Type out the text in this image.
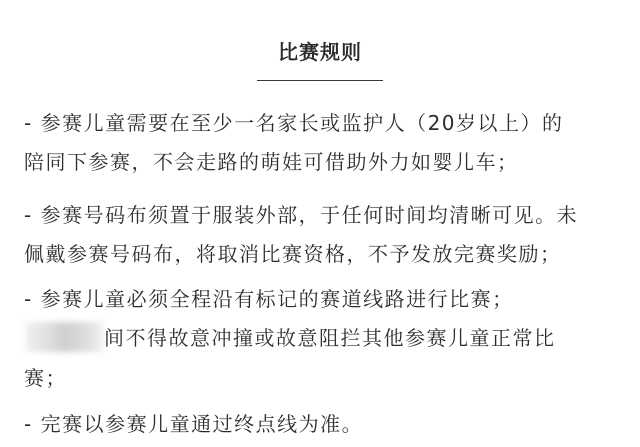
比赛规则
- 参赛儿童需要在至少一名家长或监护人（20岁以上）的
陪同下参赛，不会走路的萌娃可借助外力如婴儿车；
- 参赛号码布须置于服装外部，于任何时间均清晰可见。未
佩戴参赛号码布，将取消比赛资格，不予发放完赛奖励；
- 参赛儿童必须全程沿有标记的赛道线路进行比赛；
间不得故意冲撞或故意阻拦其他参赛儿童正常比
赛；
- 完赛以参赛儿童通过终点线为准。
